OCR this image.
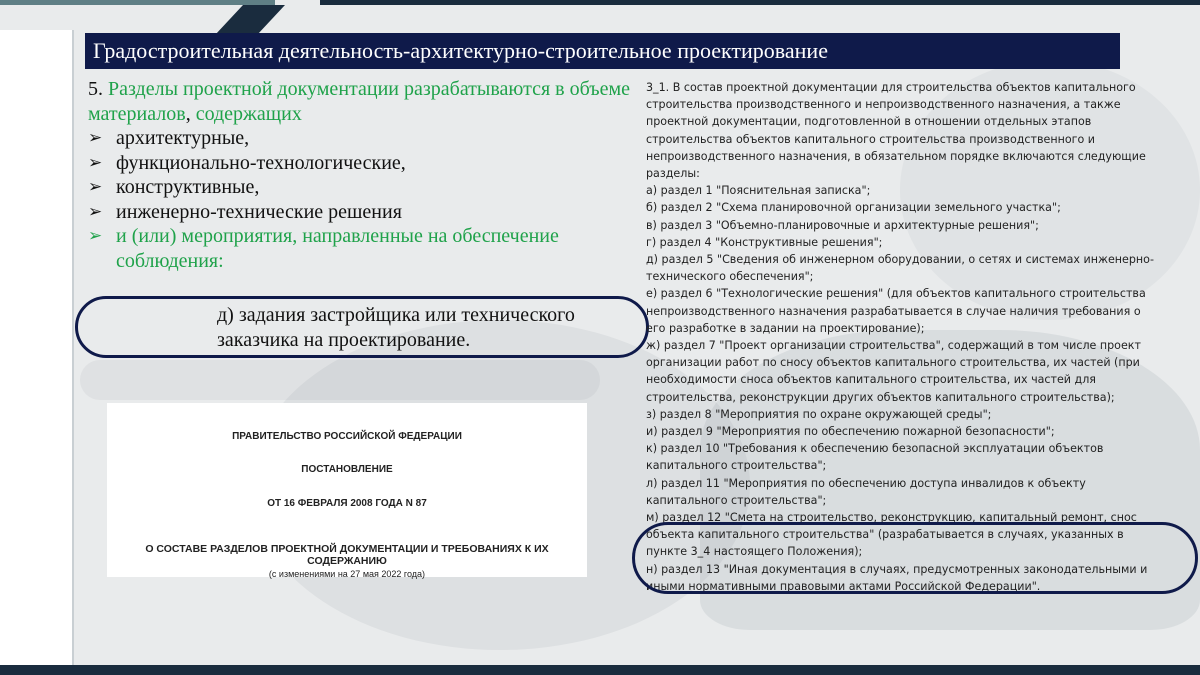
Градостроительная деятельность-архитектурно-строительное проектирование
5. Разделы проектной документации разрабатываются в объеме материалов, содержащих
➢ архитектурные,
➢ функционально-технологические,
➢ конструктивные,
➢ инженерно-технические решения
➢ и (или) мероприятия, направленные на обеспечение соблюдения:
д) задания застройщика или технического заказчика на проектирование.
ПРАВИТЕЛЬСТВО РОССИЙСКОЙ ФЕДЕРАЦИИ
ПОСТАНОВЛЕНИЕ
ОТ 16 ФЕВРАЛЯ 2008 ГОДА N 87
О СОСТАВЕ РАЗДЕЛОВ ПРОЕКТНОЙ ДОКУМЕНТАЦИИ И ТРЕБОВАНИЯХ К ИХ СОДЕРЖАНИЮ
(с изменениями на 27 мая 2022 года)

3_1. В состав проектной документации для строительства объектов капитального

строительства производственного и непроизводственного назначения, а также

проектной документации, подготовленной в отношении отдельных этапов

строительства объектов капитального строительства производственного и

непроизводственного назначения, в обязательном порядке включаются следующие

разделы:

а) раздел 1 "Пояснительная записка";

б) раздел 2 "Схема планировочной организации земельного участка";

в) раздел 3 "Объемно-планировочные и архитектурные решения";

г) раздел 4 "Конструктивные решения";

д) раздел 5 "Сведения об инженерном оборудовании, о сетях и системах инженерно-

технического обеспечения";

е) раздел 6 "Технологические решения" (для объектов капитального строительства

непроизводственного назначения разрабатывается в случае наличия требования о

его разработке в задании на проектирование);

ж) раздел 7 "Проект организации строительства", содержащий в том числе проект

организации работ по сносу объектов капитального строительства, их частей (при

необходимости сноса объектов капитального строительства, их частей для

строительства, реконструкции других объектов капитального строительства);

з) раздел 8 "Мероприятия по охране окружающей среды";

и) раздел 9 "Мероприятия по обеспечению пожарной безопасности";

к) раздел 10 "Требования к обеспечению безопасной эксплуатации объектов

капитального строительства";

л) раздел 11 "Мероприятия по обеспечению доступа инвалидов к объекту

капитального строительства";

м) раздел 12 "Смета на строительство, реконструкцию, капитальный ремонт, снос

объекта капитального строительства" (разрабатывается в случаях, указанных в

пункте 3_4 настоящего Положения);

н) раздел 13 "Иная документация в случаях, предусмотренных законодательными и

иными нормативными правовыми актами Российской Федерации".
